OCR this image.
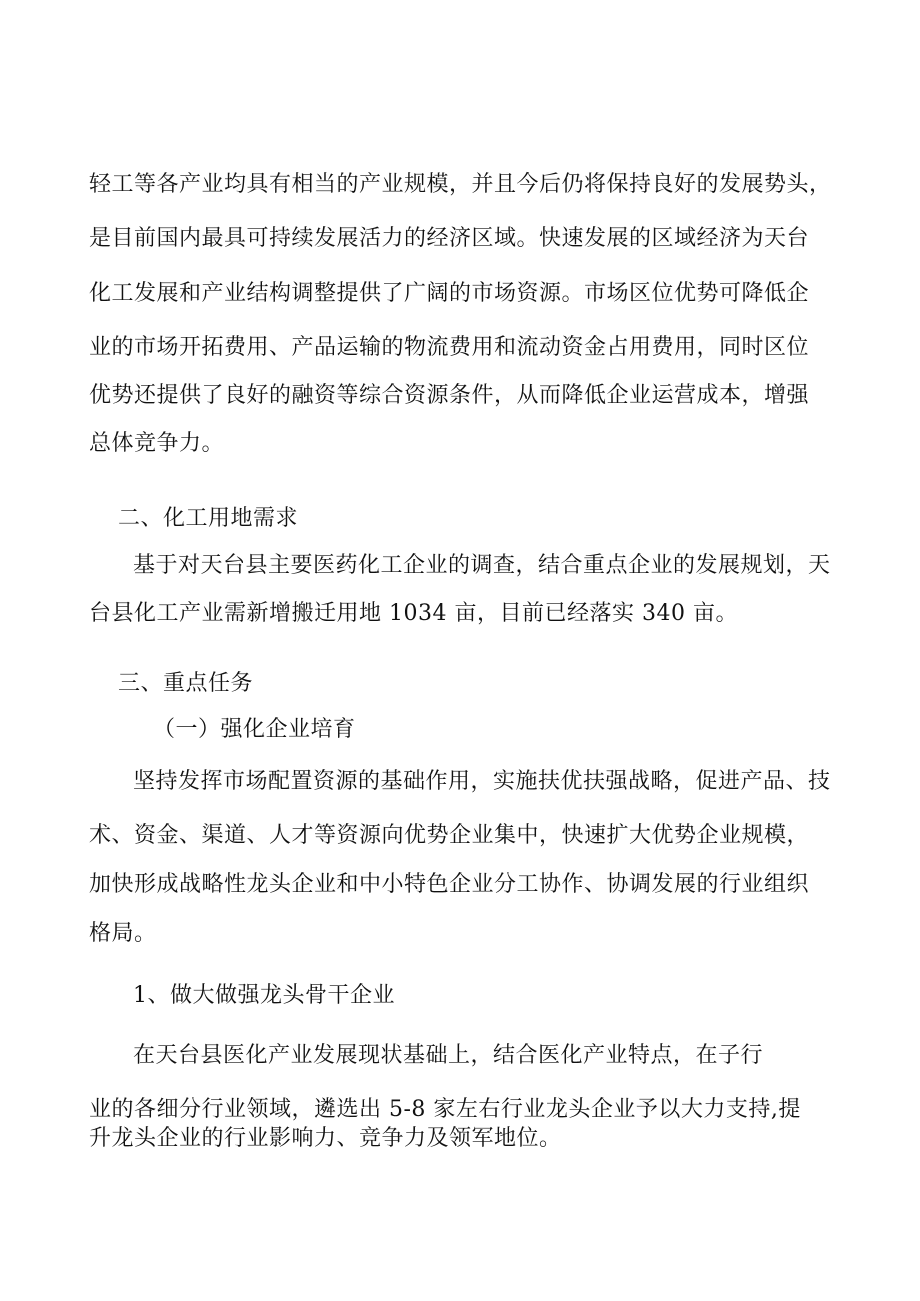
轻工等各产业均具有相当的产业规模，并且今后仍将保持良好的发展势头，
是目前国内最具可持续发展活力的经济区域。快速发展的区域经济为天台
化工发展和产业结构调整提供了广阔的市场资源。市场区位优势可降低企
业的市场开拓费用、产品运输的物流费用和流动资金占用费用，同时区位
优势还提供了良好的融资等综合资源条件，从而降低企业运营成本，增强
总体竞争力。
二、化工用地需求
基于对天台县主要医药化工企业的调查，结合重点企业的发展规划，天
台县化工产业需新增搬迁用地 1034 亩，目前已经落实 340 亩。
三、重点任务
（一）强化企业培育
坚持发挥市场配置资源的基础作用，实施扶优扶强战略，促进产品、技
术、资金、渠道、人才等资源向优势企业集中，快速扩大优势企业规模，
加快形成战略性龙头企业和中小特色企业分工协作、协调发展的行业组织
格局。
1、做大做强龙头骨干企业
在天台县医化产业发展现状基础上，结合医化产业特点，在子行
业的各细分行业领域，遴选出 5-8 家左右行业龙头企业予以大力支持,提
升龙头企业的行业影响力、竞争力及领军地位。
